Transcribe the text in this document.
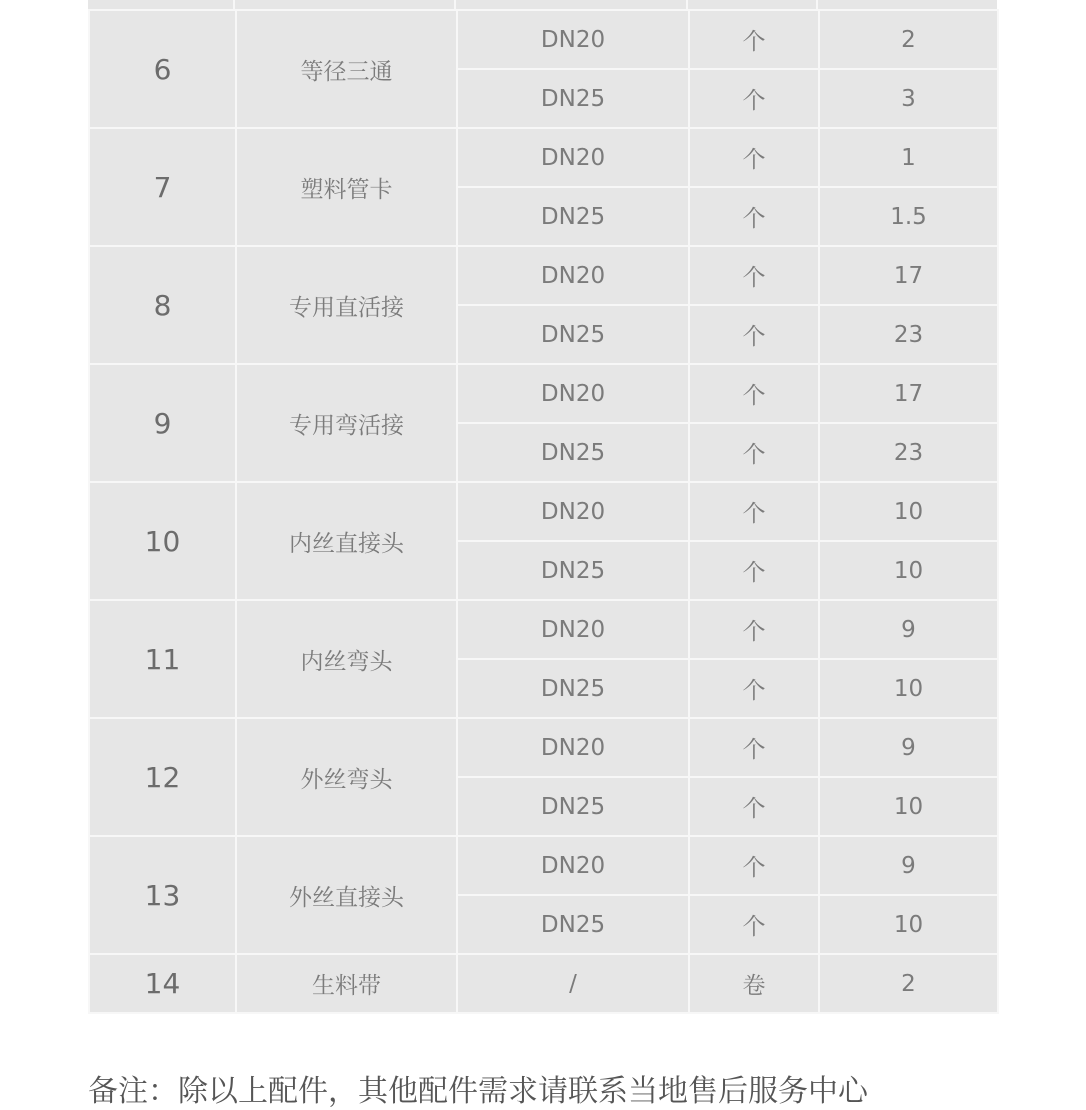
6	等径三通	DN20	个	2
		DN25	个	3
7	塑料管卡	DN20	个	1
		DN25	个	1.5
8	专用直活接	DN20	个	17
		DN25	个	23
9	专用弯活接	DN20	个	17
		DN25	个	23
10	内丝直接头	DN20	个	10
		DN25	个	10
11	内丝弯头	DN20	个	9
		DN25	个	10
12	外丝弯头	DN20	个	9
		DN25	个	10
13	外丝直接头	DN20	个	9
		DN25	个	10
14	生料带	/	卷	2
备注：除以上配件，其他配件需求请联系当地售后服务中心
